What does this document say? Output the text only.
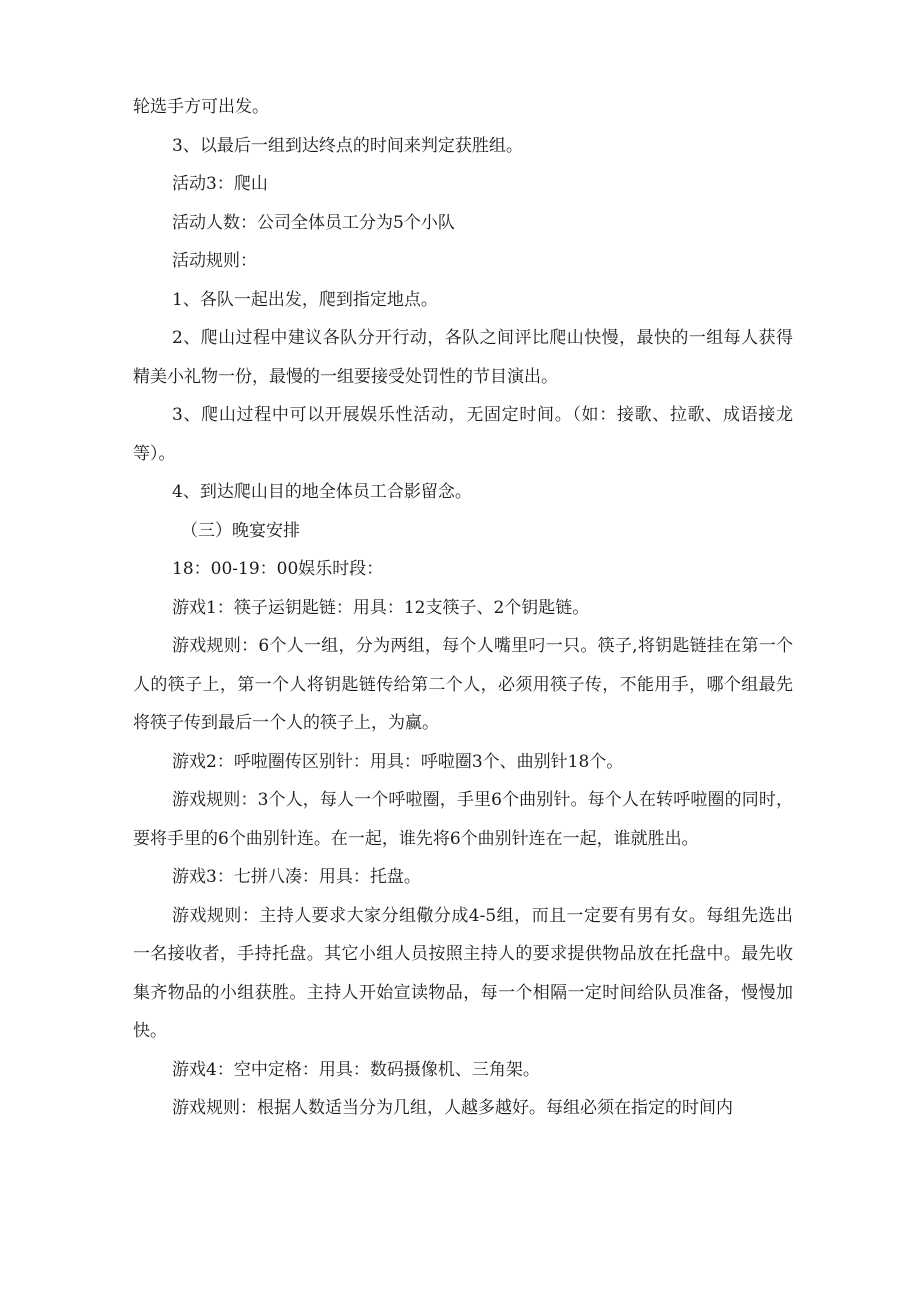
轮选手方可出发。

3、以最后一组到达终点的时间来判定获胜组。

活动3：爬山

活动人数：公司全体员工分为5个小队

活动规则：

1、各队一起出发，爬到指定地点。

2、爬山过程中建议各队分开行动，各队之间评比爬山快慢，最快的一组每人获得精美小礼物一份，最慢的一组要接受处罚性的节目演出。

3、爬山过程中可以开展娱乐性活动，无固定时间。（如：接歌、拉歌、成语接龙等）。

4、到达爬山目的地全体员工合影留念。

（三）晚宴安排

18：00-19：00娱乐时段：

游戏1：筷子运钥匙链：用具：12支筷子、2个钥匙链。

游戏规则：6个人一组，分为两组，每个人嘴里叼一只。筷子,将钥匙链挂在第一个人的筷子上，第一个人将钥匙链传给第二个人，必须用筷子传，不能用手，哪个组最先将筷子传到最后一个人的筷子上，为赢。

游戏2：呼啦圈传区别针：用具：呼啦圈3个、曲别针18个。

游戏规则：3个人，每人一个呼啦圈，手里6个曲别针。每个人在转呼啦圈的同时，要将手里的6个曲别针连。在一起，谁先将6个曲别针连在一起，谁就胜出。

游戏3：七拼八凑：用具：托盘。

游戏规则：主持人要求大家分组儆分成4-5组，而且一定要有男有女。每组先选出一名接收者，手持托盘。其它小组人员按照主持人的要求提供物品放在托盘中。最先收集齐物品的小组获胜。主持人开始宣读物品，每一个相隔一定时间给队员准备，慢慢加快。

游戏4：空中定格：用具：数码摄像机、三角架。

游戏规则：根据人数适当分为几组，人越多越好。每组必须在指定的时间内
